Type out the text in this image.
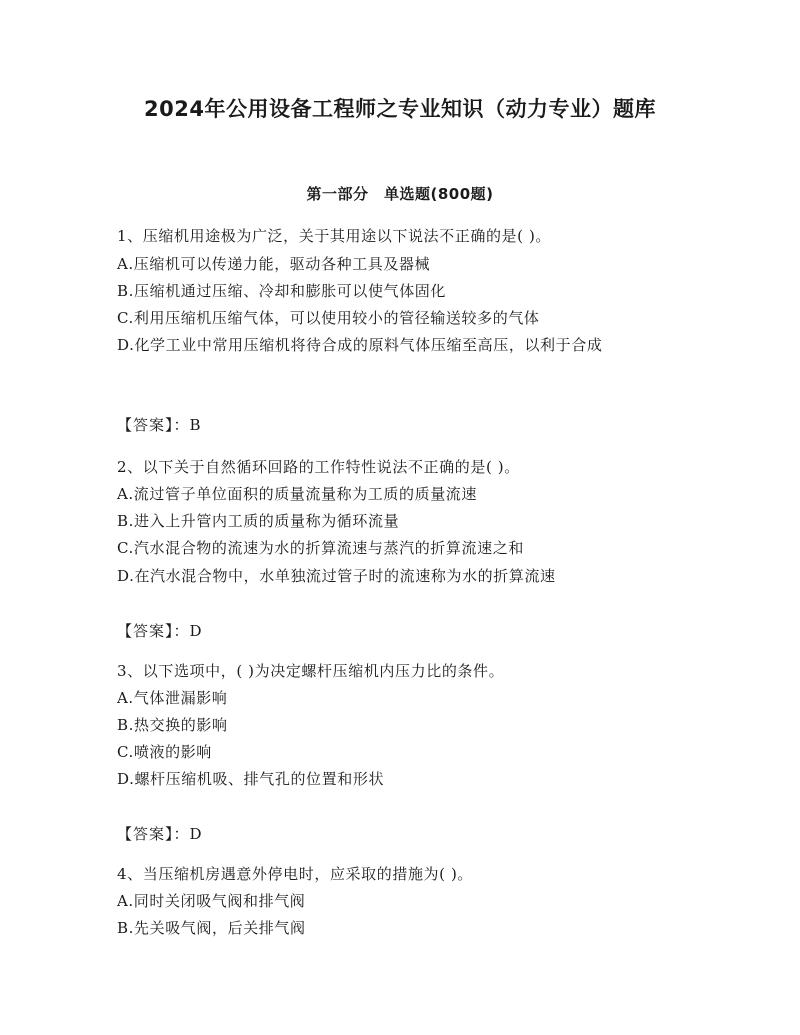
2024年公用设备工程师之专业知识（动力专业）题库
第一部分　单选题(800题)
1、压缩机用途极为广泛，关于其用途以下说法不正确的是( )。
A.压缩机可以传递力能，驱动各种工具及器械
B.压缩机通过压缩、冷却和膨胀可以使气体固化
C.利用压缩机压缩气体，可以使用较小的管径输送较多的气体
D.化学工业中常用压缩机将待合成的原料气体压缩至高压，以利于合成
【答案】：B
2、以下关于自然循环回路的工作特性说法不正确的是( )。
A.流过管子单位面积的质量流量称为工质的质量流速
B.进入上升管内工质的质量称为循环流量
C.汽水混合物的流速为水的折算流速与蒸汽的折算流速之和
D.在汽水混合物中，水单独流过管子时的流速称为水的折算流速
【答案】：D
3、以下选项中，( )为决定螺杆压缩机内压力比的条件。
A.气体泄漏影响
B.热交换的影响
C.喷液的影响
D.螺杆压缩机吸、排气孔的位置和形状
【答案】：D
4、当压缩机房遇意外停电时，应采取的措施为( )。
A.同时关闭吸气阀和排气阀
B.先关吸气阀，后关排气阀
